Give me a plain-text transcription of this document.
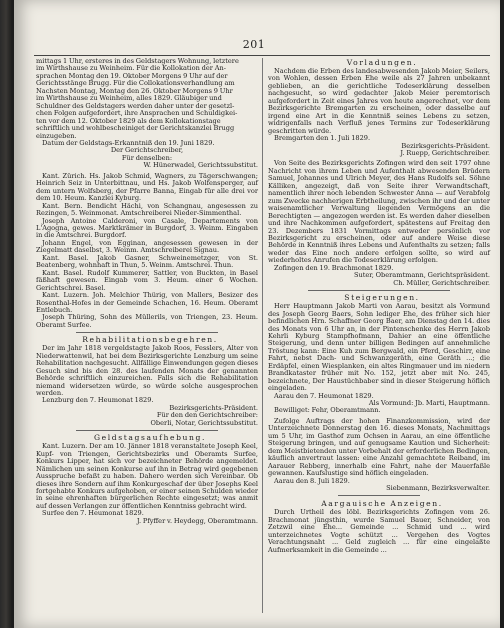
201

mittags 1 Uhr, ersteres in des Geldstagers Wohnung, letztere

im Wirthshause zu Weinheim. Für die Kollokation der An-

sprachen Montag den 19. Oktober Morgens 9 Uhr auf der

Gerichtsstänge Brugg. Für die Collokationsverhandlung am

Nachsten Montag, Montag den 26. Oktober Morgens 9 Uhr

im Wirthshause zu Weinheim, alles 1829. Gläubiger und

Schuldner des Geldstagers werden daher unter der gesetzl-

chen Folgen aufgefordert, ihre Ansprachen und Schuldigkei-

ten vor dem 12. Oktober 1829 als dem Kollokationstage

schriftlich und wohlbescheiniget der Gerichtskanzlei Brugg

einzugeben.

Datum der Geldstags-Erkanntniß den 19. Juni 1829.

Der Gerichtschreiber,

Für denselben:

W. Hünerwadel, Gerichtssubstitut.

Kant. Zürich. Hs. Jakob Schmid, Wagners, zu Tägerschwangen; Heinrich Seiz in Unterbittnau, und Hs. Jakob Wolfensperger, auf dem untern Wolfsberg, der Pfarre Banna, Eingab für alle drei vor dem 10. Heum. Kanzlei Kyburg.

Kant. Bern. Bendicht Hächi, von Schangnau, angesessen zu Rezingen, 5. Weinmonat. Amtschreiberei Nieder-Simmenthal.

Joseph Antoine Calderoni, von Casale, Departements von L'Agogna, gewes. Marktkrämer in Burgdorf, 3. Weinm. Eingaben in die Amtschrei. Burgdorf.

Johann Engel, von Egginan, angesessen gewesen in der Ziegelmatt daselbst, 3. Weinm. Amtschreiberei Signau.

Kant. Basel. Jakob Gasner, Schweinemetzger, von St. Beatenberg, wohnhaft in Thun, 5. Weinm. Amtschrei. Thun.

Kant. Basel. Rudolf Kummerer, Sattler, von Buckten, in Basel fäßhaft gewesen. Eingab vom 3. Heum. einer 6 Wochen. Gerichtschrei. Basel.

Kant. Luzern. Joh. Melchior Thürig, von Mallers, Besizer des Rosenthal-Hofes in der Gemeinde Schachen, 16. Heum. Oberamt Entlebuch.

Joseph Thüring, Sohn des Müllerils, von Triengen, 23. Heum. Oberamt Surfee.

Rehabilitationsbegehren.

Der im Jahr 1818 vergeldstagte Jakob Roos, Fesslers, Alter von Niederwattenwil, hat bei dem Bezirksgerichte Lenzburg um seine Rehabilitation nachgesucht. Allfällige Einwendungen gegen dieses Gesuch sind bis den 28. des laufenden Monats der genannten Behörde schriftlich einzureichen. Falls sich die Rehabilitation niemand widersetzen würde, so würde solche ausgesprochen werden.

Lenzburg den 7. Heumonat 1829.

Bezirksgerichts-Präsident.

Für den den Gerichtschreiber:

Oberli, Notar, Gerichtssubstitut.

Geldstagsaufhebung.

Kant. Luzern. Der am 10. Jänner 1818 veranstaltete Joseph Keel, Kupf- von Triengen, Gerichtsbezirks und Oberamts Surfee, Konkurs Lipper, hat sich vor bezeichneter Behörde angemeldet. Nämlichen um seinen Konkurse auf ihn in Betrag wird gegebenen Ausspruche befaßt zu haben. Dahero werden sich Vereinbar. Ob dieses ihre Sondern auf ihm Konkurgeschaf der über Josephs Keel fortgehabte Konkurs aufgehoben, er einer seinen Schulden wieder in seine ehrenhaften bürgerlichen Rechte eingesetzt; was anmit auf dessen Verlangen zur öffentlichen Kenntniss gebracht wird.

Surfee den 7. Heumonat 1829.

J. Pfyffer v. Heydegg, Oberamtmann.

Vorladungen.

Nachdem die Erben des landesabwesenden Jakob Meier, Seilers, von Wohlen, dessen Erben Ehe weile als 27 Jahren unbekannt geblieben, an die gerichtliche Todeserklärung desselben nachgesucht, so wird gedachter Jakob Meier peremtorisch aufgefordert in Zeit eines Jahres von heute angerechnet, vor dem Bezirksgerichte Bremgarten zu erscheinen, oder dasselbe auf irgend eine Art in die Kenntniß seines Lebens zu setzen, widrigenfalls nach Verfluß jenes Termins zur Todeserklärung geschritten würde.

Bremgarten den 1. Juli 1829.

Bezirksgerichts-Präsident.

J. Ruepp, Gerichtschreiber.

Von Seite des Bezirksgerichts Zofingen wird den seit 1797 ohne Nachricht von ihrem Leben und Aufenthalt abwesenden Brüdern Samuel, Johannes und Ulrich Meyer, des Hans Rudolfs sel. Söhne Källiken, angezeigt, daß von Seite ihrer Verwandtschaft, namentlich ihrer noch lebenden Schwester Anna — auf Verabfolg zum Zwecke nachherigen Erbtheilung, zwischen ihr und der unter waisenamtlicher Verwaltung liegenden Vermögens an die Berechtigten — angezogen werden ist. Es werden daher dieselben und ihre Nachkommen aufgefordert, spätestens auf Freitag den 23. Dezembers 1831 Vormittags entweder persönlich vor Bezirksgericht zu erscheinen, oder auf andere Weise diese Behörde in Kenntniß ihres Lebens und Aufenthalts zu setzen; falls weder das Eine noch andere erfolgen sollte, so wird auf wiederholtes Anrufen die Todeserklärung erfolgen.

Zofingen den 19. Brachmonat 1829.

Suter, Oberamtmann, Gerichtspräsident.

Ch. Müller, Gerichtschreiber.

Steigerungen.

Herr Hauptmann Jakob Marti von Aarau, besitzt als Vormund des Joseph Georg Baers, Sohn lediger Ehe, des früher sich hier befindlichen Hrn. Schaffner Georg Baer, am Dienstag den 14. dies des Monats von 6 Uhr an, in der Pintenschenke des Herrn Jakob Kehrli Kyburg Stampfhofmann, Dahier an eine öffentliche Steigerung, und denn unter billigen Bedingen auf annehmliche Tröstung kann: Eine Kuh zum Bergwald, ein Pferd, Geschirr, eine Fahrt, nebst Dach- und Schwanzgeräth, eine Geräth ...; die Erdäpfel, einen Wiesplanken, ein altes Ringmauer und im niedern Brandkataster früher mit No. 152, jetzt aber mit No. 245, bezeichnete, Der Haustüchbaber sind in dieser Steigerung höflich eingeladen.

Aarau den 7. Heumonat 1829.

Als Vormund: Jb. Marti, Hauptmann.

Bewilliget: Fehr, Oberamtmann.

Zufolge Auftrags der hohen Finanzkommission, wird der Unterzeichnete Donnerstag den 16. dieses Monats, Nachmittags um 5 Uhr, im Gasthof zum Ochsen in Aarau, an eine öffentliche Steigerung bringen, und auf genugsame Kaution und Sicherheit: dem Meistbietenden unter Vorbehalt der erforderlichen Bedingen, käuflich anvertraut lassen: eine Anzahl gemachtete Reiband, im Aarauer Rebberg, innerhalb eine Fahrt, nahe der Mauerfaßle gewannen. Kaufslustige sind höflich eingeladen.

Aarau den 8. Juli 1829.

Siebenmann, Bezirksverwalter.

Aargauische Anzeigen.

Durch Urtheil des löbl. Bezirksgerichts Zofingen vom 26. Brachmonat jüngsthin, wurde Samuel Bauer, Schneider, von Zetzwil eine Ehe... Gemeinde ... Schmid und ... wird unterzeichnetes Vogte schützt ... Vergehen des Vogtes Verachtungsnaht ... Geld zugleich ... für eine eingelaßte Aufmerksamkeit in die Gemeinde ...
